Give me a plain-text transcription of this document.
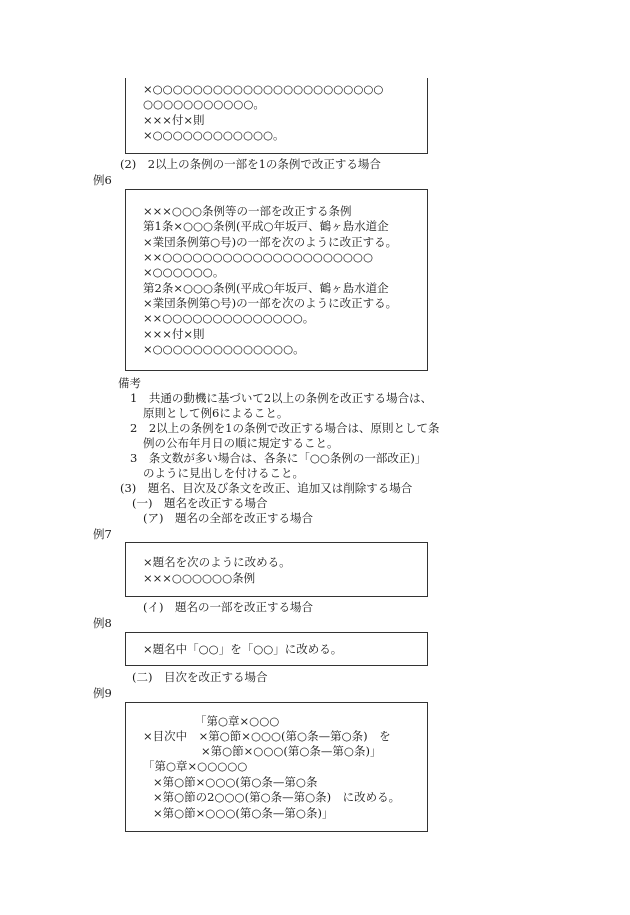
×○○○○○○○○○○○○○○○○○○○○○○○
○○○○○○○○○○○。
×××付×則
×○○○○○○○○○○○○。
(2)　2以上の条例の一部を1の条例で改正する場合
例6
×××○○○条例等の一部を改正する条例
第1条×○○○条例(平成○年坂戸、鶴ヶ島水道企
×業団条例第○号)の一部を次のように改正する。
××○○○○○○○○○○○○○○○○○○○○○
×○○○○○○。
第2条×○○○条例(平成○年坂戸、鶴ヶ島水道企
×業団条例第○号)の一部を次のように改正する。
××○○○○○○○○○○○○○○。
×××付×則
×○○○○○○○○○○○○○○。
備考
1　共通の動機に基づいて2以上の条例を改正する場合は、
原則として例6によること。
2　2以上の条例を1の条例で改正する場合は、原則として条
例の公布年月日の順に規定すること。
3　条文数が多い場合は、各条に「○○条例の一部改正)」
のように見出しを付けること。
(3)　題名、目次及び条文を改正、追加又は削除する場合
(一)　題名を改正する場合
(ア)　題名の全部を改正する場合
例7
×題名を次のように改める。
×××○○○○○○条例
(イ)　題名の一部を改正する場合
例8
×題名中「○○」を「○○」に改める。
(二)　目次を改正する場合
例9
「第○章×○○○
×目次中　×第○節×○○○(第○条—第○条)　を
×第○節×○○○(第○条—第○条)」
「第○章×○○○○○
×第○節×○○○(第○条—第○条
×第○節の2○○○(第○条—第○条)　に改める。
×第○節×○○○(第○条—第○条)」
